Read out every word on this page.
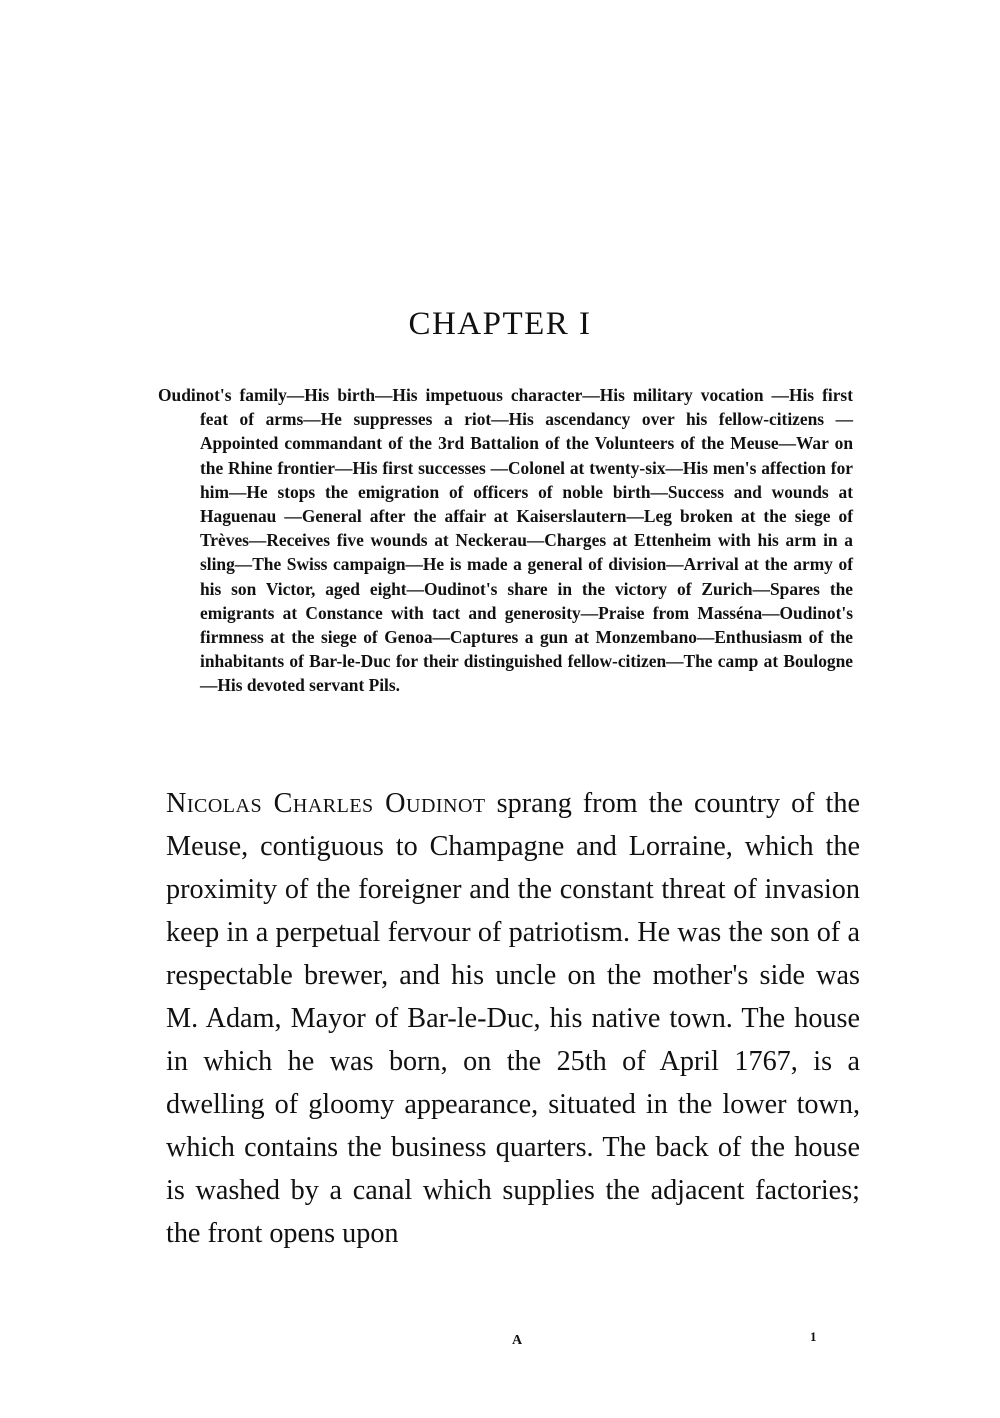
CHAPTER I

Oudinot's family—His birth—His impetuous character—His military vocation —His first feat of arms—He suppresses a riot—His ascendancy over his fellow-citizens — Appointed commandant of the 3rd Battalion of the Volunteers of the Meuse—War on the Rhine frontier—His first successes —Colonel at twenty-six—His men's affection for him—He stops the emigration of officers of noble birth—Success and wounds at Haguenau —General after the affair at Kaiserslautern—Leg broken at the siege of Trèves—Receives five wounds at Neckerau—Charges at Ettenheim with his arm in a sling—The Swiss campaign—He is made a general of division—Arrival at the army of his son Victor, aged eight—Oudinot's share in the victory of Zurich—Spares the emigrants at Constance with tact and generosity—Praise from Masséna—Oudinot's firmness at the siege of Genoa—Captures a gun at Monzembano—Enthusiasm of the inhabitants of Bar-le-Duc for their distinguished fellow-citizen—The camp at Boulogne—His devoted servant Pils.

Nicolas Charles Oudinot sprang from the country of the Meuse, contiguous to Champagne and Lorraine, which the proximity of the foreigner and the constant threat of invasion keep in a perpetual fervour of patriotism. He was the son of a respectable brewer, and his uncle on the mother's side was M. Adam, Mayor of Bar-le-Duc, his native town. The house in which he was born, on the 25th of April 1767, is a dwelling of gloomy appearance, situated in the lower town, which contains the business quarters. The back of the house is washed by a canal which supplies the adjacent factories; the front opens upon

A	1
